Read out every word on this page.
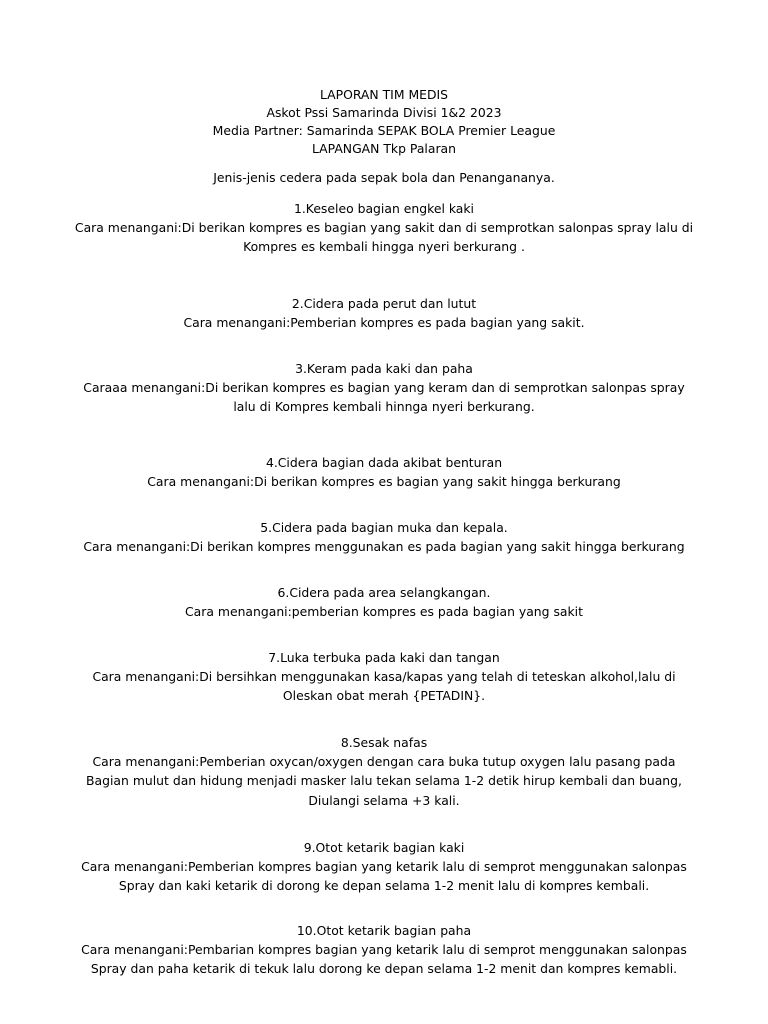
LAPORAN TIM MEDIS
Askot Pssi Samarinda Divisi 1&2 2023
Media Partner: Samarinda SEPAK BOLA Premier League
LAPANGAN Tkp Palaran

Jenis-jenis cedera pada sepak bola dan Penangananya.

1.Keseleo bagian engkel kaki
Cara menangani:Di berikan kompres es bagian yang sakit dan di semprotkan salonpas spray lalu di
Kompres es kembali hingga nyeri berkurang .
2.Cidera pada perut dan lutut
Cara menangani:Pemberian kompres es pada bagian yang sakit.
3.Keram pada kaki dan paha
Caraaa menangani:Di berikan kompres es bagian yang keram dan di semprotkan salonpas spray
lalu di Kompres kembali hinnga nyeri berkurang.
4.Cidera bagian dada akibat benturan
Cara menangani:Di berikan kompres es bagian yang sakit hingga berkurang
5.Cidera pada bagian muka dan kepala.
Cara menangani:Di berikan kompres menggunakan es pada bagian yang sakit hingga berkurang
6.Cidera pada area selangkangan.
Cara menangani:pemberian kompres es pada bagian yang sakit
7.Luka terbuka pada kaki dan tangan
Cara menangani:Di bersihkan menggunakan kasa/kapas yang telah di teteskan alkohol,lalu di
Oleskan obat merah {PETADIN}.
8.Sesak nafas
Cara menangani:Pemberian oxycan/oxygen dengan cara buka tutup oxygen lalu pasang pada
Bagian mulut dan hidung menjadi masker lalu tekan selama 1-2 detik hirup kembali dan buang,
Diulangi selama +3 kali.
9.Otot ketarik bagian kaki
Cara menangani:Pemberian kompres bagian yang ketarik lalu di semprot menggunakan salonpas
Spray dan kaki ketarik di dorong ke depan selama 1-2 menit lalu di kompres kembali.
10.Otot ketarik bagian paha
Cara menangani:Pembarian kompres bagian yang ketarik lalu di semprot menggunakan salonpas
Spray dan paha ketarik di tekuk lalu dorong ke depan selama 1-2 menit dan kompres kemabli.
